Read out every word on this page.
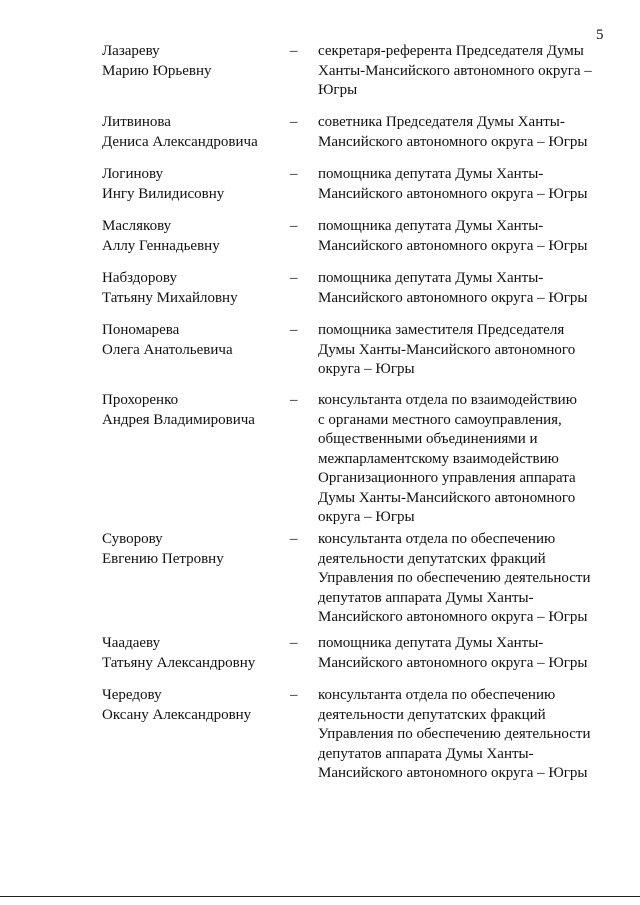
5

Лазареву
Марию Юрьевну

–	секретаря-референта Председателя Думы
Ханты-Мансийского автономного округа –
Югры

Литвинова
Дениса Александровича

–	советника Председателя Думы Ханты-
Мансийского автономного округа – Югры

Логинову
Ингу Вилидисовну

–	помощника депутата Думы Ханты-
Мансийского автономного округа – Югры

Маслякову
Аллу Геннадьевну

–	помощника депутата Думы Ханты-
Мансийского автономного округа – Югры

Набздорову
Татьяну Михайловну

–	помощника депутата Думы Ханты-
Мансийского автономного округа – Югры

Пономарева
Олега Анатольевича

–	помощника заместителя Председателя
Думы Ханты-Мансийского автономного
округа – Югры

Прохоренко
Андрея Владимировича

–	консультанта отдела по взаимодействию
с органами местного самоуправления,
общественными объединениями и
межпарламентскому взаимодействию
Организационного управления аппарата
Думы Ханты-Мансийского автономного
округа – Югры

Суворову
Евгению Петровну

–	консультанта отдела по обеспечению
деятельности депутатских фракций
Управления по обеспечению деятельности
депутатов аппарата Думы Ханты-
Мансийского автономного округа – Югры

Чаадаеву
Татьяну Александровну

–	помощника депутата Думы Ханты-
Мансийского автономного округа – Югры

Чередову
Оксану Александровну

–	консультанта отдела по обеспечению
деятельности депутатских фракций
Управления по обеспечению деятельности
депутатов аппарата Думы Ханты-
Мансийского автономного округа – Югры
